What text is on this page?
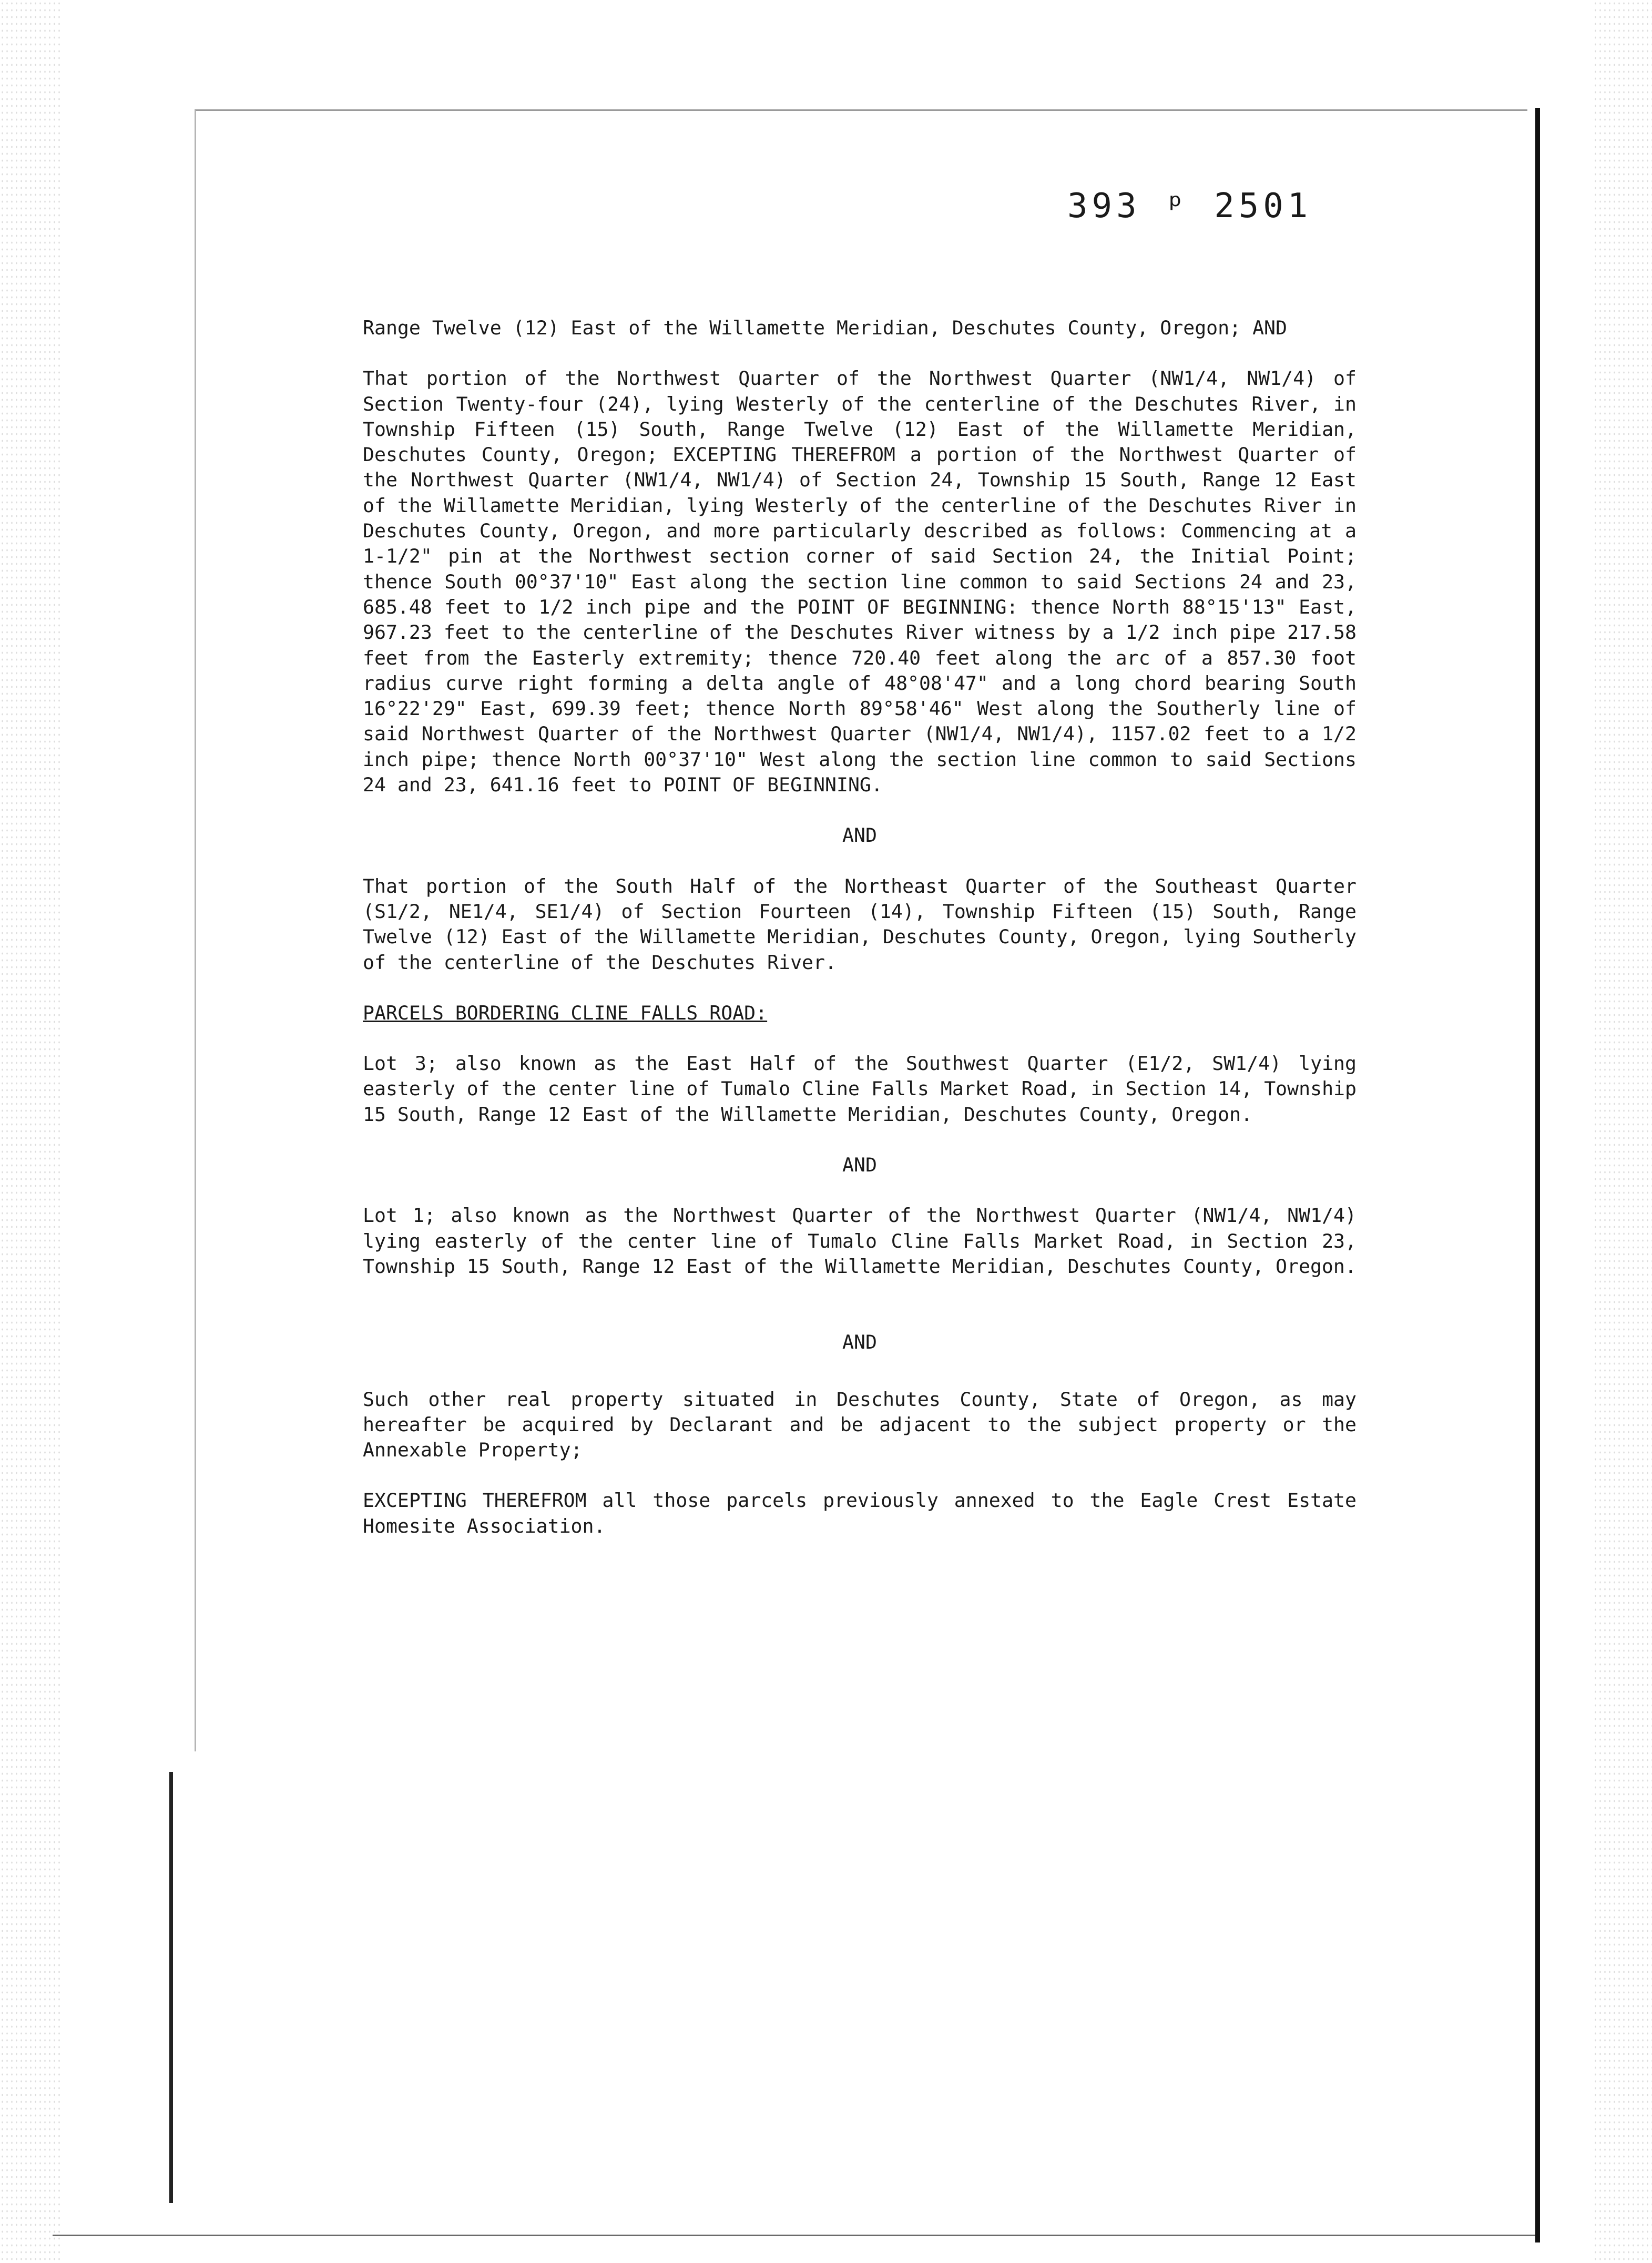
393 ᵖ 2501

Range Twelve (12) East of the Willamette Meridian, Deschutes County, Oregon; AND

That portion of the Northwest Quarter of the Northwest Quarter (NW1/4, NW1/4) of Section Twenty-four (24), lying Westerly of the centerline of the Deschutes River, in Township Fifteen (15) South, Range Twelve (12) East of the Willamette Meridian, Deschutes County, Oregon; EXCEPTING THEREFROM a portion of the Northwest Quarter of the Northwest Quarter (NW1/4, NW1/4) of Section 24, Township 15 South, Range 12 East of the Willamette Meridian, lying Westerly of the centerline of the Deschutes River in Deschutes County, Oregon, and more particularly described as follows: Commencing at a 1-1/2" pin at the Northwest section corner of said Section 24, the Initial Point; thence South 00°37'10" East along the section line common to said Sections 24 and 23, 685.48 feet to 1/2 inch pipe and the POINT OF BEGINNING: thence North 88°15'13" East, 967.23 feet to the centerline of the Deschutes River witness by a 1/2 inch pipe 217.58 feet from the Easterly extremity; thence 720.40 feet along the arc of a 857.30 foot radius curve right forming a delta angle of 48°08'47" and a long chord bearing South 16°22'29" East, 699.39 feet; thence North 89°58'46" West along the Southerly line of said Northwest Quarter of the Northwest Quarter (NW1/4, NW1/4), 1157.02 feet to a 1/2 inch pipe; thence North 00°37'10" West along the section line common to said Sections 24 and 23, 641.16 feet to POINT OF BEGINNING.

AND

That portion of the South Half of the Northeast Quarter of the Southeast Quarter (S1/2, NE1/4, SE1/4) of Section Fourteen (14), Township Fifteen (15) South, Range Twelve (12) East of the Willamette Meridian, Deschutes County, Oregon, lying Southerly of the centerline of the Deschutes River.

PARCELS BORDERING CLINE FALLS ROAD:

Lot 3; also known as the East Half of the Southwest Quarter (E1/2, SW1/4) lying easterly of the center line of Tumalo Cline Falls Market Road, in Section 14, Township 15 South, Range 12 East of the Willamette Meridian, Deschutes County, Oregon.

AND

Lot 1; also known as the Northwest Quarter of the Northwest Quarter (NW1/4, NW1/4) lying easterly of the center line of Tumalo Cline Falls Market Road, in Section 23, Township 15 South, Range 12 East of the Willamette Meridian, Deschutes County, Oregon.

AND

Such other real property situated in Deschutes County, State of Oregon, as may hereafter be acquired by Declarant and be adjacent to the subject property or the Annexable Property;

EXCEPTING THEREFROM all those parcels previously annexed to the Eagle Crest Estate Homesite Association.
